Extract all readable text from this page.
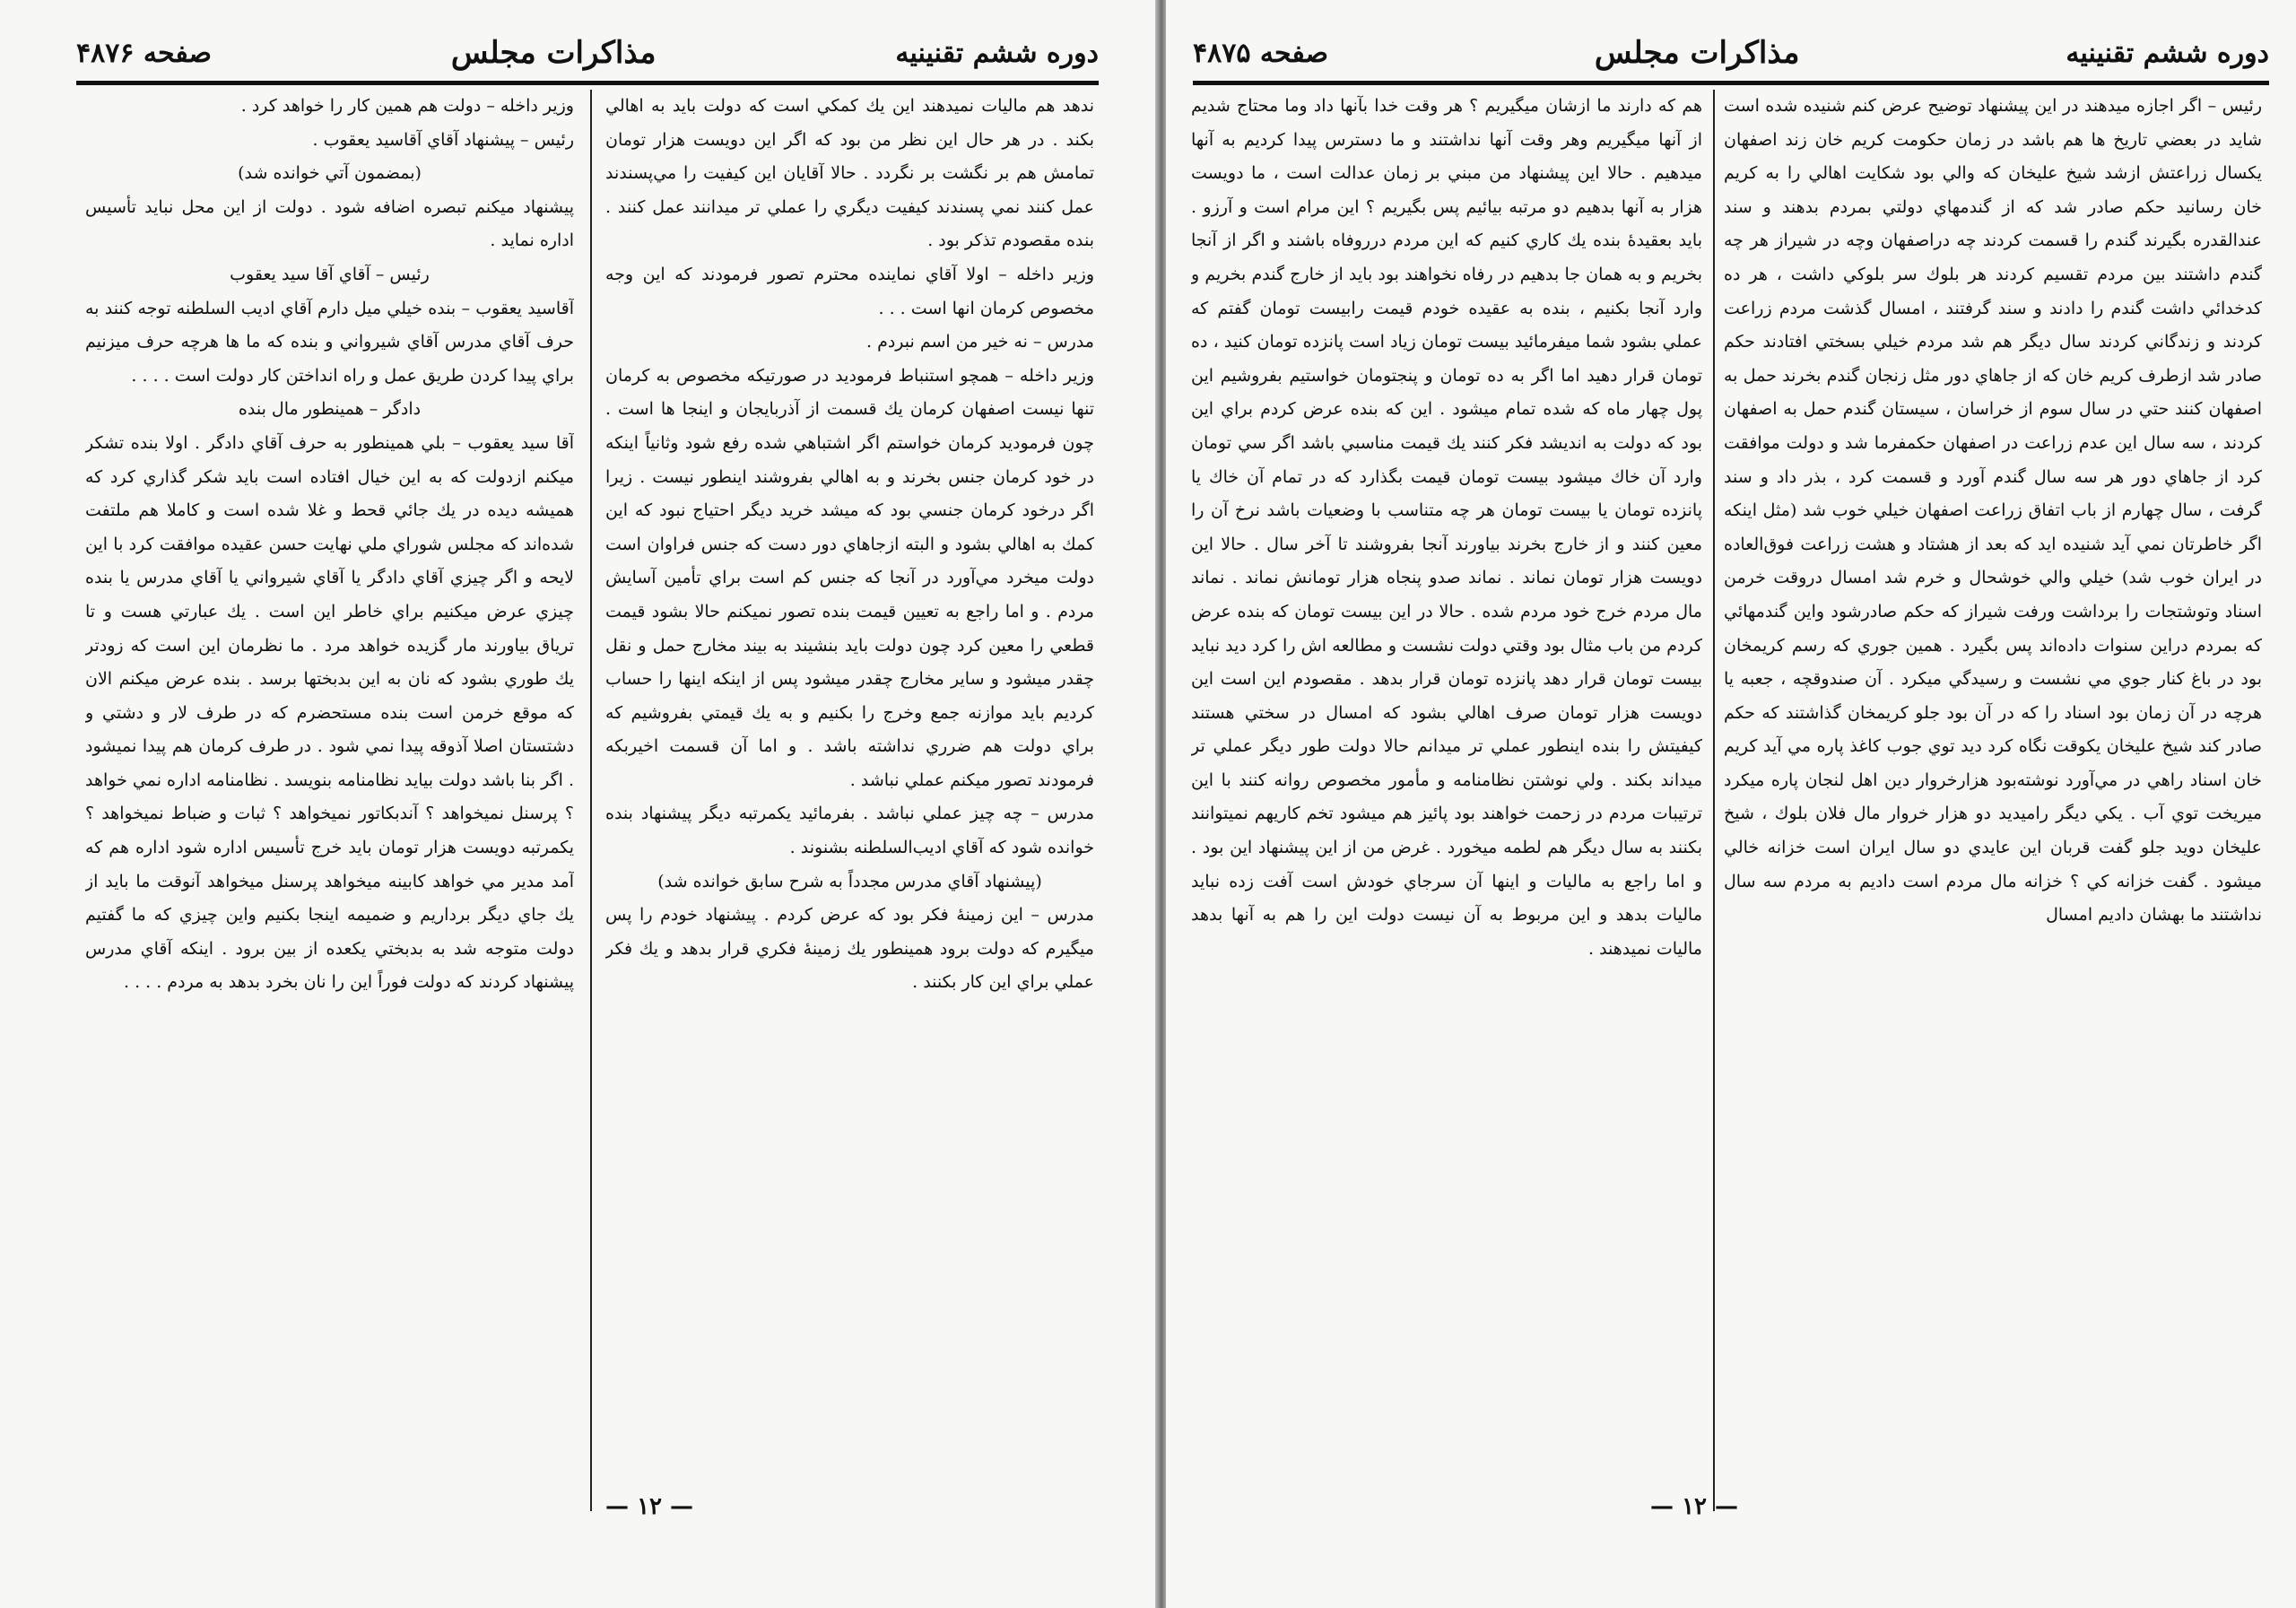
دوره ششم تقنينيه
مذاكرات مجلس
صفحه ۴۸۷۶

ندهد هم ماليات نميدهند اين يك كمكي است كه دولت بايد به اهالي بكند . در هر حال اين نظر من بود كه اگر اين دويست هزار تومان تمامش هم بر نگشت بر نگردد . حالا آقايان اين كيفيت را مي‌پسندند عمل كنند نمي پسندند كيفيت ديگري را عملي تر ميدانند عمل كنند . بنده مقصودم تذكر بود .

وزير داخله – اولا آقاي نماينده محترم تصور فرمودند كه اين وجه مخصوص كرمان انها است . . .

مدرس – نه خير من اسم نبردم .

وزير داخله – همچو استنباط فرموديد در صورتيكه مخصوص به كرمان تنها نيست اصفهان كرمان يك قسمت از آذربايجان و اينجا ها است . چون فرموديد كرمان خواستم اگر اشتباهي شده رفع شود وثانياً اينكه در خود كرمان جنس بخرند و به اهالي بفروشند اينطور نيست . زيرا اگر درخود كرمان جنسي بود كه ميشد خريد ديگر احتياج نبود كه اين كمك به اهالي بشود و البته ازجاهاي دور دست كه جنس فراوان است دولت ميخرد مي‌آورد در آنجا كه جنس كم است براي تأمين آسايش مردم . و اما راجع به تعيين قيمت بنده تصور نميكنم حالا بشود قيمت قطعي را معين كرد چون دولت بايد بنشيند به بيند مخارج حمل و نقل چقدر ميشود و ساير مخارج چقدر ميشود پس از اينكه اينها را حساب كرديم بايد موازنه جمع وخرج را بكنيم و به يك قيمتي بفروشيم كه براي دولت هم ضرري نداشته باشد . و اما آن قسمت اخيربكه فرمودند تصور ميكنم عملي نباشد .

مدرس – چه چيز عملي نباشد . بفرمائيد يكمرتبه ديگر پيشنهاد بنده خوانده شود كه آقاي ادیب‌السلطنه بشنوند .

(پيشنهاد آقاي مدرس مجدداً به شرح سابق خوانده شد)

مدرس – اين زمينهٔ فكر بود كه عرض كردم . پيشنهاد خودم را پس ميگيرم كه دولت برود همينطور يك زمينهٔ فكري قرار بدهد و يك فكر عملي براي اين كار بكنند .

وزير داخله – دولت هم همين كار را خواهد كرد .

رئيس – پيشنهاد آقاي آقاسيد يعقوب .

(بمضمون آتي خوانده شد)

پيشنهاد ميكنم تبصره اضافه شود . دولت از اين محل نبايد تأسيس اداره نمايد .

رئيس – آقاي آقا سيد يعقوب

آقاسيد يعقوب – بنده خيلي ميل دارم آقاي اديب السلطنه توجه كنند به حرف آقاي مدرس آقاي شيرواني و بنده كه ما ها هرچه حرف ميزنيم براي پيدا كردن طريق عمل و راه انداختن كار دولت است . . . .

دادگر – همينطور مال بنده

آقا سيد يعقوب – بلي همينطور به حرف آقاي دادگر . اولا بنده تشكر ميكنم ازدولت كه به اين خيال افتاده است بايد شكر گذاري كرد كه هميشه ديده در يك جائي قحط و غلا شده است و كاملا هم ملتفت شده‌اند كه مجلس شوراي ملي نهايت حسن عقيده موافقت كرد با اين لايحه و اگر چيزي آقاي دادگر يا آقاي شيرواني يا آقاي مدرس يا بنده چيزي عرض ميكنيم براي خاطر اين است . يك عبارتي هست و تا ترياق بياورند مار گزيده خواهد مرد . ما نظرمان اين است كه زودتر يك طوري بشود كه نان به اين بدبختها برسد . بنده عرض ميكنم الان كه موقع خرمن است بنده مستحضرم كه در طرف لار و دشتي و دشتستان اصلا آذوقه پيدا نمي شود . در طرف كرمان هم پيدا نميشود . اگر بنا باشد دولت بيايد نظامنامه بنويسد . نظامنامه اداره نمي خواهد ؟ پرسنل نميخواهد ؟ آندبكاتور نميخواهد ؟ ثبات و ضباط نميخواهد ؟ يكمرتبه دويست هزار تومان بايد خرج تأسيس اداره شود اداره هم كه آمد مدير مي خواهد كابينه ميخواهد پرسنل ميخواهد آنوقت ما بايد از يك جاي ديگر برداريم و ضميمه اينجا بكنيم واين چيزي كه ما گفتيم دولت متوجه شد به بدبختي يكعده از بين برود . اينكه آقاي مدرس پيشنهاد كردند كه دولت فوراً اين را نان بخرد بدهد به مردم . . . .

— ۱۲ —
دوره ششم تقنينيه
مذاكرات مجلس
صفحه ۴۸۷۵

رئيس – اگر اجازه ميدهند در اين پيشنهاد توضيح عرض كنم شنيده شده است شايد در بعضي تاريخ ها هم باشد در زمان حكومت كريم خان زند اصفهان يكسال زراعتش ازشد شيخ عليخان كه والي بود شكايت اهالي را به كريم خان رسانيد حكم صادر شد كه از گندمهاي دولتي بمردم بدهند و سند عندالقدره بگيرند گندم را قسمت كردند چه دراصفهان وچه در شيراز هر چه گندم داشتند بين مردم تقسيم كردند هر بلوك سر بلوكي داشت ، هر ده كدخدائي داشت گندم را دادند و سند گرفتند ، امسال گذشت مردم زراعت كردند و زندگاني كردند سال ديگر هم شد مردم خيلي بسختي افتادند حكم صادر شد ازطرف كريم خان كه از جاهاي دور مثل زنجان گندم بخرند حمل به اصفهان كنند حتي در سال سوم از خراسان ، سيستان گندم حمل به اصفهان كردند ، سه سال اين عدم زراعت در اصفهان حكمفرما شد و دولت موافقت كرد از جاهاي دور هر سه سال گندم آورد و قسمت كرد ، بذر داد و سند گرفت ، سال چهارم از باب اتفاق زراعت اصفهان خيلي خوب شد (مثل اينكه اگر خاطرتان نمي آيد شنيده ايد كه بعد از هشتاد و هشت زراعت فوق‌العاده در ايران خوب شد) خيلي والي خوشحال و خرم شد امسال دروقت خرمن اسناد وتوشتجات را برداشت ورفت شيراز كه حكم صادرشود واين گندمهائي كه بمردم دراين سنوات داده‌اند پس بگيرد . همين جوري كه رسم كريمخان بود در باغ كنار جوي مي نشست و رسيدگي ميكرد . آن صندوقچه ، جعبه يا هرچه در آن زمان بود اسناد را كه در آن بود جلو كريمخان گذاشتند كه حكم صادر كند شيخ عليخان يكوقت نگاه كرد ديد توي جوب كاغذ پاره مي آيد كريم خان اسناد راهي در مي‌آورد نوشته‌بود هزارخروار دين اهل لنجان پاره ميكرد ميريخت توي آب . يكي ديگر راميديد دو هزار خروار مال فلان بلوك ، شيخ عليخان دويد جلو گفت قربان اين عايدي دو سال ايران است خزانه خالي ميشود . گفت خزانه كي ؟ خزانه مال مردم است دادیم به مردم سه سال نداشتند ما بهشان داديم امسال

هم كه دارند ما ازشان ميگيريم ؟ هر وقت خدا بآنها داد وما محتاج شديم از آنها ميگيريم وهر وقت آنها نداشتند و ما دسترس پيدا كرديم به آنها ميدهيم . حالا اين پيشنهاد من مبني بر زمان عدالت است ، ما دويست هزار به آنها بدهيم دو مرتبه بيائيم پس بگيريم ؟ اين مرام است و آرزو . بايد بعقيدهٔ بنده يك كاري كنيم كه اين مردم درروفاه باشند و اگر از آنجا بخريم و به همان جا بدهيم در رفاه نخواهند بود بايد از خارج گندم بخريم و وارد آنجا بكنيم ، بنده به عقيده خودم قيمت رابيست تومان گفتم كه عملي بشود شما ميفرمائيد بيست تومان زياد است پانزده تومان كنيد ، ده تومان قرار دهيد اما اگر به ده تومان و پنجتومان خواستيم بفروشيم اين پول چهار ماه كه شده تمام ميشود . اين كه بنده عرض كردم براي اين بود كه دولت به انديشد فكر كنند يك قيمت مناسبي باشد اگر سي تومان وارد آن خاك ميشود بيست تومان قيمت بگذارد كه در تمام آن خاك يا پانزده تومان يا بيست تومان هر چه متناسب با وضعيات باشد نرخ آن را معين كنند و از خارج بخرند بياورند آنجا بفروشند تا آخر سال . حالا اين دويست هزار تومان نماند . نماند صدو پنجاه هزار تومانش نماند . نماند مال مردم خرج خود مردم شده . حالا در اين بيست تومان كه بنده عرض كردم من باب مثال بود وقتي دولت نشست و مطالعه اش را كرد ديد نبايد بيست تومان قرار دهد پانزده تومان قرار بدهد . مقصودم اين است اين دويست هزار تومان صرف اهالي بشود كه امسال در سختي هستند كيفيتش را بنده اينطور عملي تر ميدانم حالا دولت طور ديگر عملي تر ميداند بكند . ولي نوشتن نظامنامه و مأمور مخصوص روانه كنند با اين ترتيبات مردم در زحمت خواهند بود پائيز هم ميشود تخم كاريهم نميتوانند بكنند به سال ديگر هم لطمه ميخورد . غرض من از اين پيشنهاد اين بود . و اما راجع به ماليات و اينها آن سرجاي خودش است آفت زده نبايد ماليات بدهد و اين مربوط به آن نيست دولت اين را هم به آنها بدهد ماليات نميدهند .

— ۱۲ —
